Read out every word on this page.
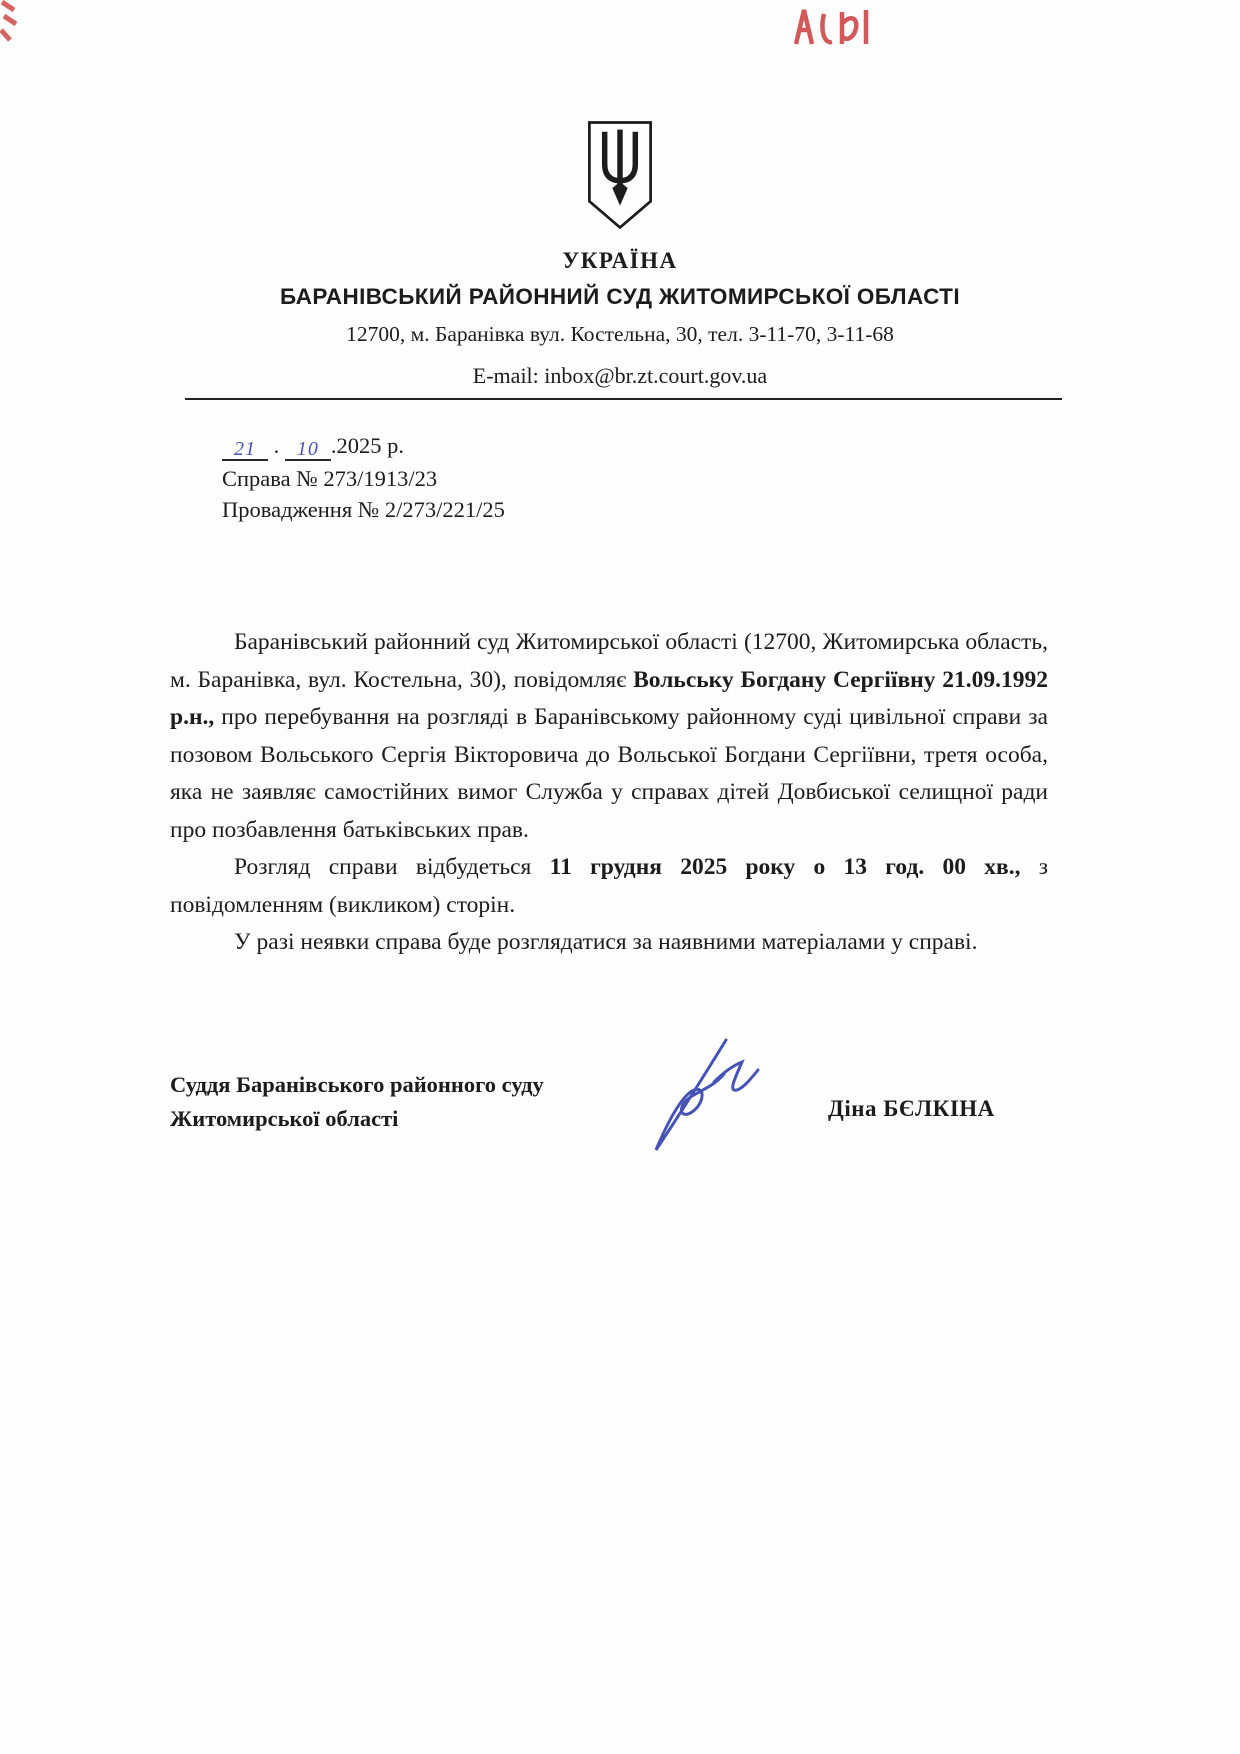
УКРАЇНА
БАРАНІВСЬКИЙ РАЙОННИЙ СУД ЖИТОМИРСЬКОЇ ОБЛАСТІ
12700, м. Баранівка вул. Костельна, 30, тел. 3-11-70, 3-11-68
E-mail: inbox@br.zt.court.gov.ua
21 . 10 .2025 р.
Справа № 273/1913/23
Провадження № 2/273/221/25

Баранівський районний суд Житомирської області (12700, Житомирська область, м. Баранівка, вул. Костельна, 30), повідомляє Вольську Богдану Сергіївну 21.09.1992 р.н., про перебування на розгляді в Баранівському районному суді цивільної справи за позовом Вольського Сергія Вікторовича до Вольської Богдани Сергіївни, третя особа, яка не заявляє самостійних вимог Служба у справах дітей Довбиської селищної ради про позбавлення батьківських прав.

Розгляд справи відбудеться 11 грудня 2025 року о 13 год. 00 хв., з повідомленням (викликом) сторін.

У разі неявки справа буде розглядатися за наявними матеріалами у справі.

Суддя Баранівського районного суду
Житомирської області	Діна БЄЛКІНА
